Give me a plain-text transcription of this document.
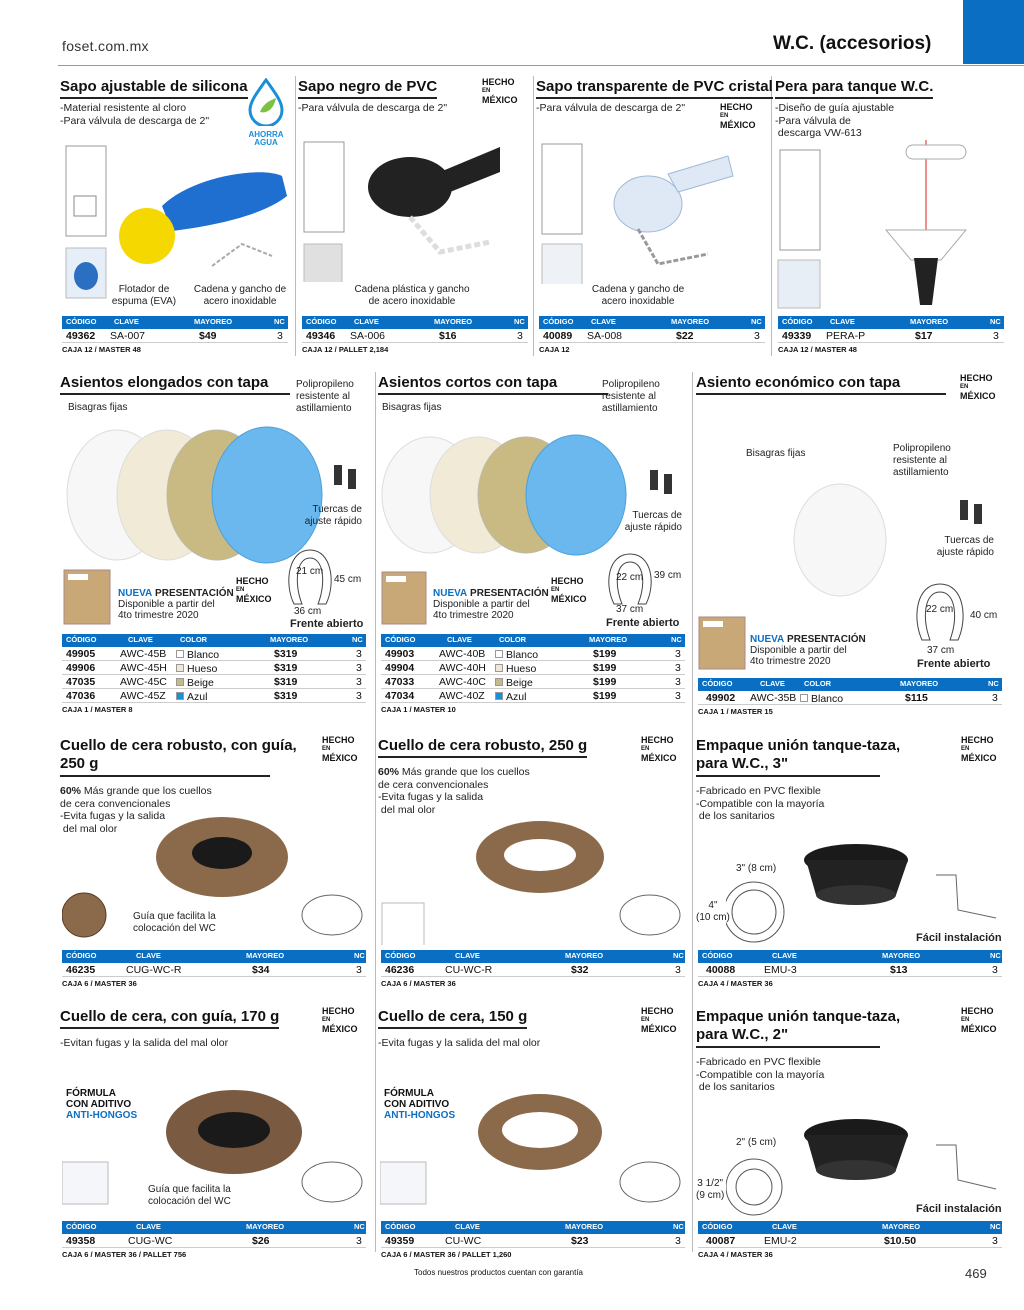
foset.com.mx	W.C. (accesorios)
Sapo ajustable de silicona
-Material resistente al cloro
-Para válvula de descarga de 2"
AHORRA
AGUA
Flotador de espuma (EVA)
Cadena y gancho de acero inoxidable
Sapo negro de PVC
-Para válvula de descarga de 2"
HECHO
EN
MÉXICO
Cadena plástica y gancho de acero inoxidable
Sapo transparente de PVC cristal
-Para válvula de descarga de 2"	HECHO
EN
MÉXICO
Cadena y gancho de acero inoxidable
Pera para tanque W.C.
-Diseño de guía ajustable
-Para válvula de
descarga VW-613
CÓDIGO CLAVE	MAYOREO	NC
49362 SA-007	$49	3
CAJA 12 / MASTER 48
CÓDIGO CLAVE	MAYOREO	NC
49346 SA-006	$16	3
CAJA 12 / PALLET 2,184
CÓDIGO CLAVE	MAYOREO	NC
40089 SA-008	$22	3
CAJA 12
CÓDIGO CLAVE	MAYOREO	NC
49339 PERA-P	$17	3
CAJA 12 / MASTER 48
Asientos elongados con tapa
Bisagras fijas
Polipropileno
resistente al
astillamiento
Tuercas de
ajuste rápido
21 cm
45 cm
36 cm
Frente abierto
NUEVA PRESENTACIÓN
Disponible a partir del
4to trimestre 2020
HECHO
EN
MÉXICO
CÓDIGO	CLAVE	COLOR	MAYOREO	NC
49905 AWC-45B Blanco	$319	3
49906 AWC-45H Hueso	$319	3
47035 AWC-45C Beige	$319	3
47036 AWC-45Z Azul	$319	3
CAJA 1 / MASTER 8
Asientos cortos con tapa
Bisagras fijas
Polipropileno
resistente al
astillamiento
Tuercas de
ajuste rápido
22 cm 39 cm
37 cm
Frente abierto
NUEVA PRESENTACIÓN
Disponible a partir del
4to trimestre 2020
HECHO
EN
MÉXICO
CÓDIGO	CLAVE	COLOR	MAYOREO	NC
49903 AWC-40B Blanco	$199	3
49904 AWC-40H Hueso	$199	3
47033 AWC-40C Beige	$199	3
47034 AWC-40Z Azul	$199	3
CAJA 1 / MASTER 10
Asiento económico con tapa	HECHO
EN
MÉXICO
Bisagras fijas	Polipropileno
resistente al
astillamiento
Tuercas de
ajuste rápido
22 cm
40 cm
37 cm
Frente abierto
NUEVA PRESENTACIÓN
Disponible a partir del
4to trimestre 2020
CÓDIGO	CLAVE	COLOR	MAYOREO	NC
49902 AWC-35B Blanco	$115	3
CAJA 1 / MASTER 15
Cuello de cera robusto, con guía,
250 g
60% Más grande que los cuellos
de cera convencionales
-Evita fugas y la salida
del mal olor
HECHO
EN
MÉXICO
Guía que facilita la
colocación del WC
CÓDIGO	CLAVE	MAYOREO	NC
46235	CUG-WC-R	$34	3
CAJA 6 / MASTER 36
Cuello de cera robusto, 250 g
60% Más grande que los cuellos
de cera convencionales
-Evita fugas y la salida
del mal olor
HECHO
EN
MÉXICO
CÓDIGO	CLAVE	MAYOREO	NC
46236	CU-WC-R	$32	3
CAJA 6 / MASTER 36
Empaque unión tanque-taza,
para W.C., 3"
-Fabricado en PVC flexible
-Compatible con la mayoría
de los sanitarios
HECHO
EN
MÉXICO
3" (8 cm)
4"
(10 cm)
Fácil instalación
CÓDIGO	CLAVE	MAYOREO	NC
40088	EMU-3	$13	3
CAJA 4 / MASTER 36
Cuello de cera, con guía, 170 g
-Evitan fugas y la salida del mal olor
HECHO
EN
MÉXICO
FÓRMULA
CON ADITIVO
ANTI-HONGOS
Guía que facilita la
colocación del WC
CÓDIGO	CLAVE	MAYOREO	NC
49358	CUG-WC	$26	3
CAJA 6 / MASTER 36 / PALLET 756
Cuello de cera, 150 g
-Evita fugas y la salida del mal olor
HECHO
EN
MÉXICO
FÓRMULA
CON ADITIVO
ANTI-HONGOS
CÓDIGO	CLAVE	MAYOREO	NC
49359	CU-WC	$23	3
CAJA 6 / MASTER 36 / PALLET 1,260
Empaque unión tanque-taza,
para W.C., 2"
-Fabricado en PVC flexible
-Compatible con la mayoría
de los sanitarios
HECHO
EN
MÉXICO
2" (5 cm)
3 1/2"
(9 cm)
Fácil instalación
CÓDIGO	CLAVE	MAYOREO	NC
40087	EMU-2	$10.50	3
CAJA 4 / MASTER 36
Todos nuestros productos cuentan con garantía	469
